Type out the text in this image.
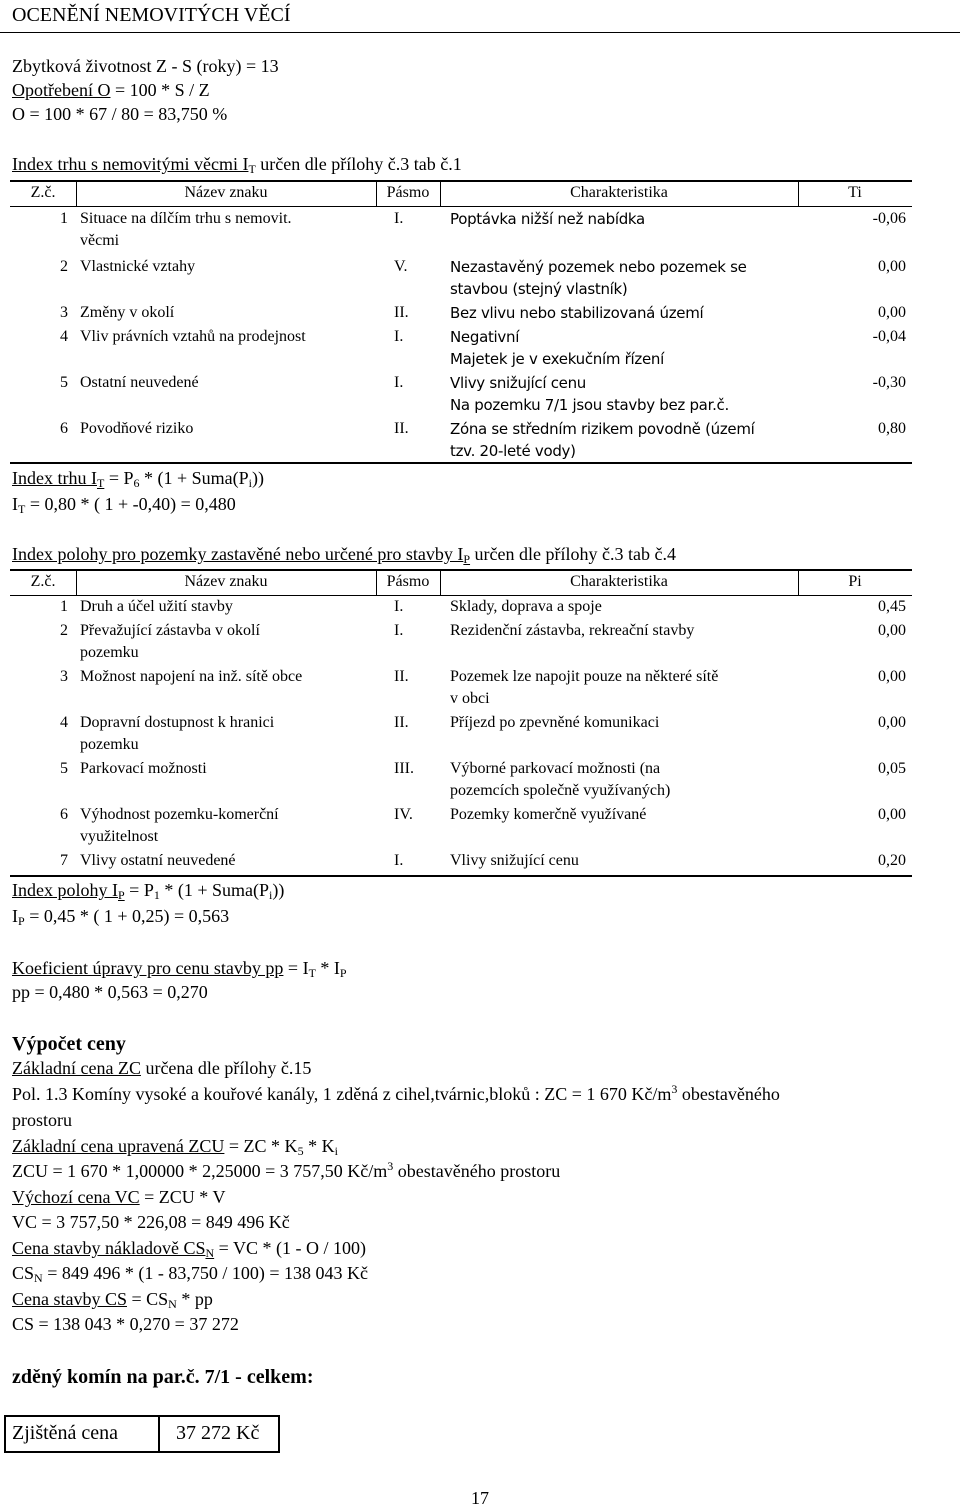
OCENĚNÍ NEMOVITÝCH VĚCÍ
Zbytková životnost Z - S (roky) = 13
Opotřebení O = 100 * S / Z
O = 100 * 67 / 80 = 83,750 %
Index trhu s nemovitými věcmi $I_T$ určen dle přílohy č.3 tab č.1
Z.č.	Název znaku	Pásmo	Charakteristika	Ti
1 Situace na dílčím trhu s nemovit.	I.	Poptávka nižší než nabídka	-0,06
věcmi
2 Vlastnické vztahy	V.	Nezastavěný pozemek nebo pozemek se	0,00
stavbou (stejný vlastník)
3 Změny v okolí	II.	Bez vlivu nebo stabilizovaná území	0,00
4 Vliv právních vztahů na prodejnost	I.	Negativní	-0,04
Majetek je v exekučním řízení
5 Ostatní neuvedené	I.	Vlivy snižující cenu	-0,30
Na pozemku 7/1 jsou stavby bez par.č.
6 Povodňové riziko	II.	Zóna se středním rizikem povodně (území	0,80
tzv. 20-leté vody)
Index trhu $I_T = P_6 * (1$ + $Suma(P_i)$)
$I_T = 0,80$ * ( 1 + -0,40) = 0,480
Index polohy pro pozemky zastavěné nebo určené pro stavby $I_P$ určen dle přílohy č.3 tab č.4
Z.č.	Název znaku	Pásmo	Charakteristika	Pi
1 Druh a účel užití stavby	I.	Sklady, doprava a spoje	0,45
2 Převažující zástavba v okolí	I.	Rezidenční zástavba, rekreační stavby	0,00
pozemku
3 Možnost napojení na inž. sítě obce	II.	Pozemek lze napojit pouze na některé sítě	0,00
v obci
4 Dopravní dostupnost k hranici	II.	Příjezd po zpevněné komunikaci	0,00
pozemku
5 Parkovací možnosti	III. Výborné parkovací možnosti (na	0,05
pozemcích společně využívaných)
6 Výhodnost pozemku-komerční	IV. Pozemky komerčně využívané	0,00
využitelnost
7 Vlivy ostatní neuvedené	I.	Vlivy snižující cenu	0,20
Index polohy $I_P = P_1 * (1$ + $Suma(P_i)$)
$I_P = 0,45$ * ( 1 + 0,25) = 0,563
Koeficient úpravy pro cenu stavby pp = $I_T * I_P$
pp = 0,480 * 0,563 = 0,270
Výpočet ceny
Základní cena ZC určena dle přílohy č.15
Pol. 1.3 Komíny vysoké a kouřové kanály, 1 zděná z cihel,tvárnic,bloků : ZC = 1 670 $Kč/m^3$ obestavěného
prostoru
Základní cena upravená ZCU = ZC * $K_5 * K_i$
ZCU = 1 670 * 1,00000 * 2,25000 = 3 757,50 $Kč/m^3$ obestavěného prostoru
Výchozí cena VC = ZCU * V
VC = 3 757,50 * 226,08 = 849 496 Kč
Cena stavby nákladově $CS_N$ = VC * (1 - O / 100)
$CS_N = 849$ 496 * (1 - 83,750 / 100) = 138 043 Kč
Cena stavby CS = $CS_N$ * pp
CS = 138 043 * 0,270 = 37 272
zděný komín na par.č. 7/1 - celkem:
Zjištěná cena	37 272 Kč
17
